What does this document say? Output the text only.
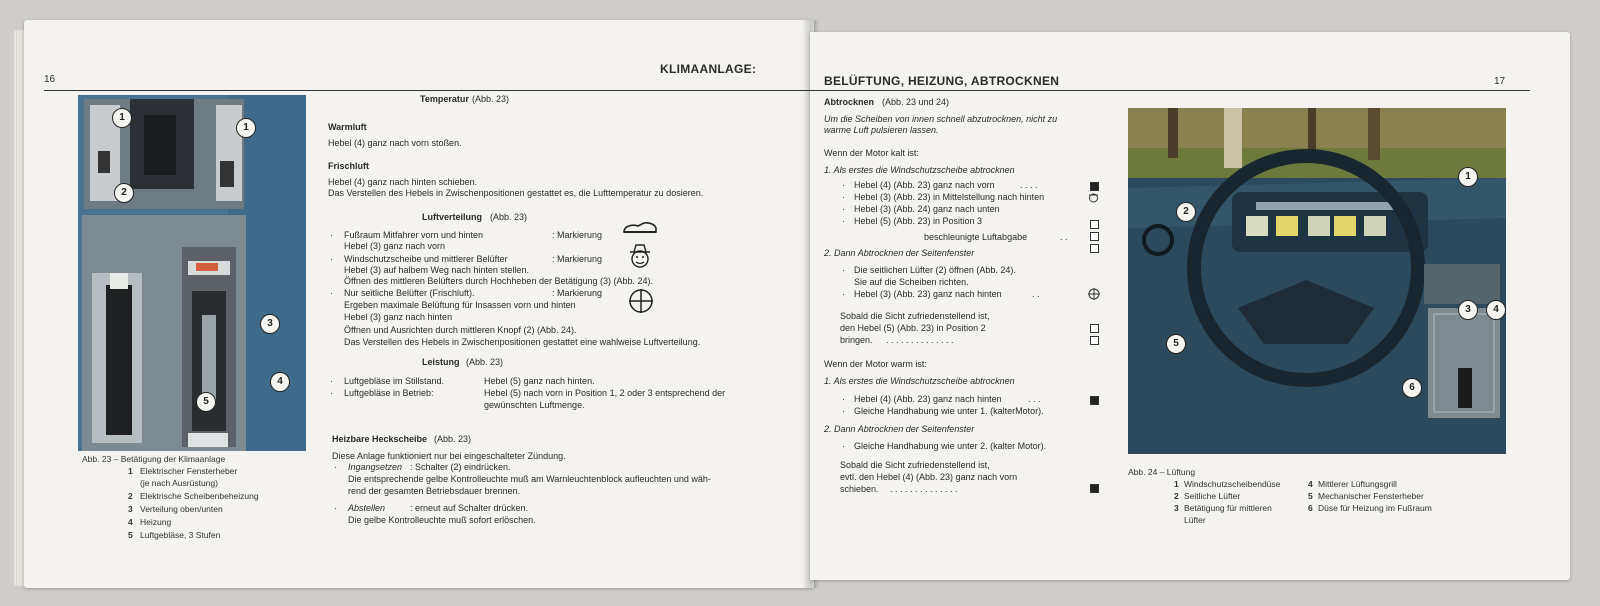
16
KLIMAANLAGE:
1
1
2
3
4
5
Abb. 23 – Betätigung der Klimaanlage
1 Elektrischer Fensterheber
(je nach Ausrüstung)
2 Elektrische Scheibenbeheizung
3 Verteilung oben/unten
4 Heizung
5 Luftgebläse, 3 Stufen
Temperatur (Abb. 23)
Warmluft
Hebel (4) ganz nach vorn stoßen.
Frischluft
Hebel (4) ganz nach hinten schieben.
Das Verstellen des Hebels in Zwischenpositionen gestattet es, die Lufttemperatur zu dosieren.
Luftverteilung (Abb. 23)
· Fußraum Mitfahrer vorn und hinten	: Markierung
Hebel (3) ganz nach vorn
· Windschutzscheibe und mittlerer Belüfter	: Markierung
Hebel (3) auf halbem Weg nach hinten stellen.
Öffnen des mittleren Belüfters durch Hochheben der Betätigung (3) (Abb. 24).
· Nur seitliche Belüfter (Frischluft).	: Markierung
Ergeben maximale Belüftung für Insassen vorn und hinten
Hebel (3) ganz nach hinten
Öffnen und Ausrichten durch mittleren Knopf (2) (Abb. 24).
Das Verstellen des Hebels in Zwischenpositionen gestattet eine wahlweise Luftverteilung.
Leistung (Abb. 23)
· Luftgebläse im Stillstand.	Hebel (5) ganz nach hinten.
· Luftgebläse in Betrieb:	Hebel (5) nach vorn in Position 1, 2 oder 3 entsprechend der
gewünschten Luftmenge.
Heizbare Heckscheibe (Abb. 23)
Diese Anlage funktioniert nur bei eingeschalteter Zündung.
· Ingangsetzen : Schalter (2) eindrücken.
Die entsprechende gelbe Kontrolleuchte muß am Warnleuchtenblock aufleuchten und wäh-
rend der gesamten Betriebsdauer brennen.
· Abstellen	: erneut auf Schalter drücken.
Die gelbe Kontrolleuchte muß sofort erlöschen.
BELÜFTUNG, HEIZUNG, ABTROCKNEN	17
Abtrocknen (Abb. 23 und 24)
Um die Scheiben von innen schnell abzutrocknen, nicht zu
warme Luft pulsieren lassen.
Wenn der Motor kalt ist:
1. Als erstes die Windschutzscheibe abtrocknen
· Hebel (4) (Abb. 23) ganz nach vorn	. . . .
· Hebel (3) (Abb. 23) in Mittelstellung nach hinten
· Hebel (3) (Abb. 24) ganz nach unten
· Hebel (5) (Abb. 23) in Position 3
beschleunigte Luftabgabe	. .
2. Dann Abtrocknen der Seitenfenster
· Die seitlichen Lüfter (2) öffnen (Abb. 24).
Sie auf die Scheiben richten.
· Hebel (3) (Abb. 23) ganz nach hinten	. .
Sobald die Sicht zufriedenstellend ist,
den Hebel (5) (Abb. 23) in Position 2
bringen. . . . . . . . . . . . . . .
Wenn der Motor warm ist:
1. Als erstes die Windschutzscheibe abtrocknen
· Hebel (4) (Abb. 23) ganz nach hinten	. . .
· Gleiche Handhabung wie unter 1. (kalterMotor).
2. Dann Abtrocknen der Seitenfenster
· Gleiche Handhabung wie unter 2. (kalter Motor).
Sobald die Sicht zufriedenstellend ist,
evtl. den Hebel (4) (Abb. 23) ganz nach vorn
schieben. . . . . . . . . . . . . . .
1
2
3	4
5
6
Abb. 24 – Lüftung
1 Windschutzscheibendüse
2 Seitliche Lüfter
3 Betätigung für mittleren
Lüfter
4 Mittlerer Lüftungsgrill
5 Mechanischer Fensterheber
6 Düse für Heizung im Fußraum
